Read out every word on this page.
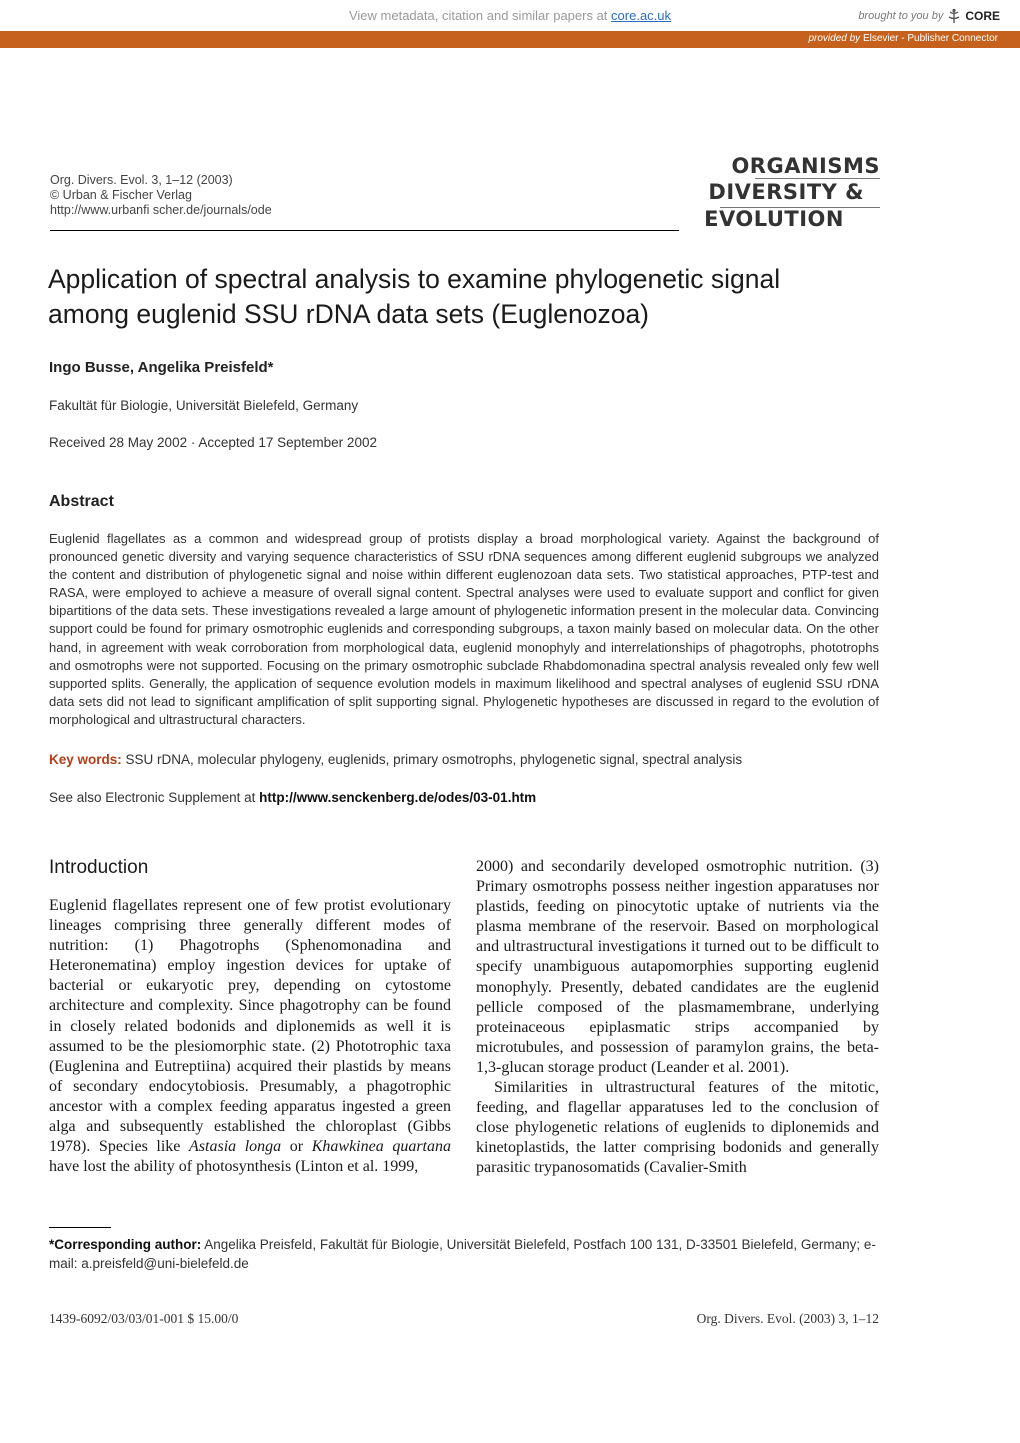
View metadata, citation and similar papers at core.ac.uk	brought to you by CORE
provided by Elsevier - Publisher Connector
Org. Divers. Evol. 3, 1–12 (2003)
© Urban & Fischer Verlag
http://www.urbanfi scher.de/journals/ode
ORGANISMS
DIVERSITY &
EVOLUTION
Application of spectral analysis to examine phylogenetic signal
among euglenid SSU rDNA data sets (Euglenozoa)
Ingo Busse, Angelika Preisfeld*
Fakultät für Biologie, Universität Bielefeld, Germany
Received 28 May 2002 · Accepted 17 September 2002
Abstract
Euglenid flagellates as a common and widespread group of protists display a broad morphological variety. Against the background of pronounced genetic diversity and varying sequence characteristics of SSU rDNA sequences among different euglenid subgroups we analyzed the content and distribution of phylogenetic signal and noise within different euglenozoan data sets. Two statistical approaches, PTP-test and RASA, were employed to achieve a measure of overall signal content. Spectral analyses were used to evaluate support and conflict for given bipartitions of the data sets. These investigations revealed a large amount of phylogenetic information present in the molecular data. Convincing support could be found for primary osmotrophic euglenids and corresponding subgroups, a taxon mainly based on molecular data. On the other hand, in agreement with weak corroboration from morphological data, euglenid monophyly and interrelationships of phagotrophs, phototrophs and osmotrophs were not supported. Focusing on the primary osmotrophic subclade Rhabdomonadina spectral analysis revealed only few well supported splits. Generally, the application of sequence evolution models in maximum likelihood and spectral analyses of euglenid SSU rDNA data sets did not lead to significant amplification of split supporting signal. Phylogenetic hypotheses are discussed in regard to the evolution of morphological and ultrastructural characters.
Key words: SSU rDNA, molecular phylogeny, euglenids, primary osmotrophs, phylogenetic signal, spectral analysis
See also Electronic Supplement at http://www.senckenberg.de/odes/03-01.htm
Introduction

Euglenid flagellates represent one of few protist evolutionary lineages comprising three generally different modes of nutrition: (1) Phagotrophs (Sphenomonadina and Heteronematina) employ ingestion devices for uptake of bacterial or eukaryotic prey, depending on cytostome architecture and complexity. Since phagotrophy can be found in closely related bodonids and diplonemids as well it is assumed to be the plesiomorphic state. (2) Phototrophic taxa (Euglenina and Eutreptiina) acquired their plastids by means of secondary endocytobiosis. Presumably, a phagotrophic ancestor with a complex feeding apparatus ingested a green alga and subsequently established the chloroplast (Gibbs 1978). Species like Astasia longa or Khawkinea quartana have lost the ability of photosynthesis (Linton et al. 1999,

2000) and secondarily developed osmotrophic nutrition. (3) Primary osmotrophs possess neither ingestion apparatuses nor plastids, feeding on pinocytotic uptake of nutrients via the plasma membrane of the reservoir. Based on morphological and ultrastructural investigations it turned out to be difficult to specify unambiguous autapomorphies supporting euglenid monophyly. Presently, debated candidates are the euglenid pellicle composed of the plasmamembrane, underlying proteinaceous epiplasmatic strips accompanied by microtubules, and possession of paramylon grains, the beta-1,3-glucan storage product (Leander et al. 2001).

Similarities in ultrastructural features of the mitotic, feeding, and flagellar apparatuses led to the conclusion of close phylogenetic relations of euglenids to diplonemids and kinetoplastids, the latter comprising bodonids and generally parasitic trypanosomatids (Cavalier-Smith

*Corresponding author: Angelika Preisfeld, Fakultät für Biologie, Universität Bielefeld, Postfach 100 131, D-33501 Bielefeld, Germany; e-mail: a.preisfeld@uni-bielefeld.de
1439-6092/03/03/01-001 $ 15.00/0	Org. Divers. Evol. (2003) 3, 1–12
